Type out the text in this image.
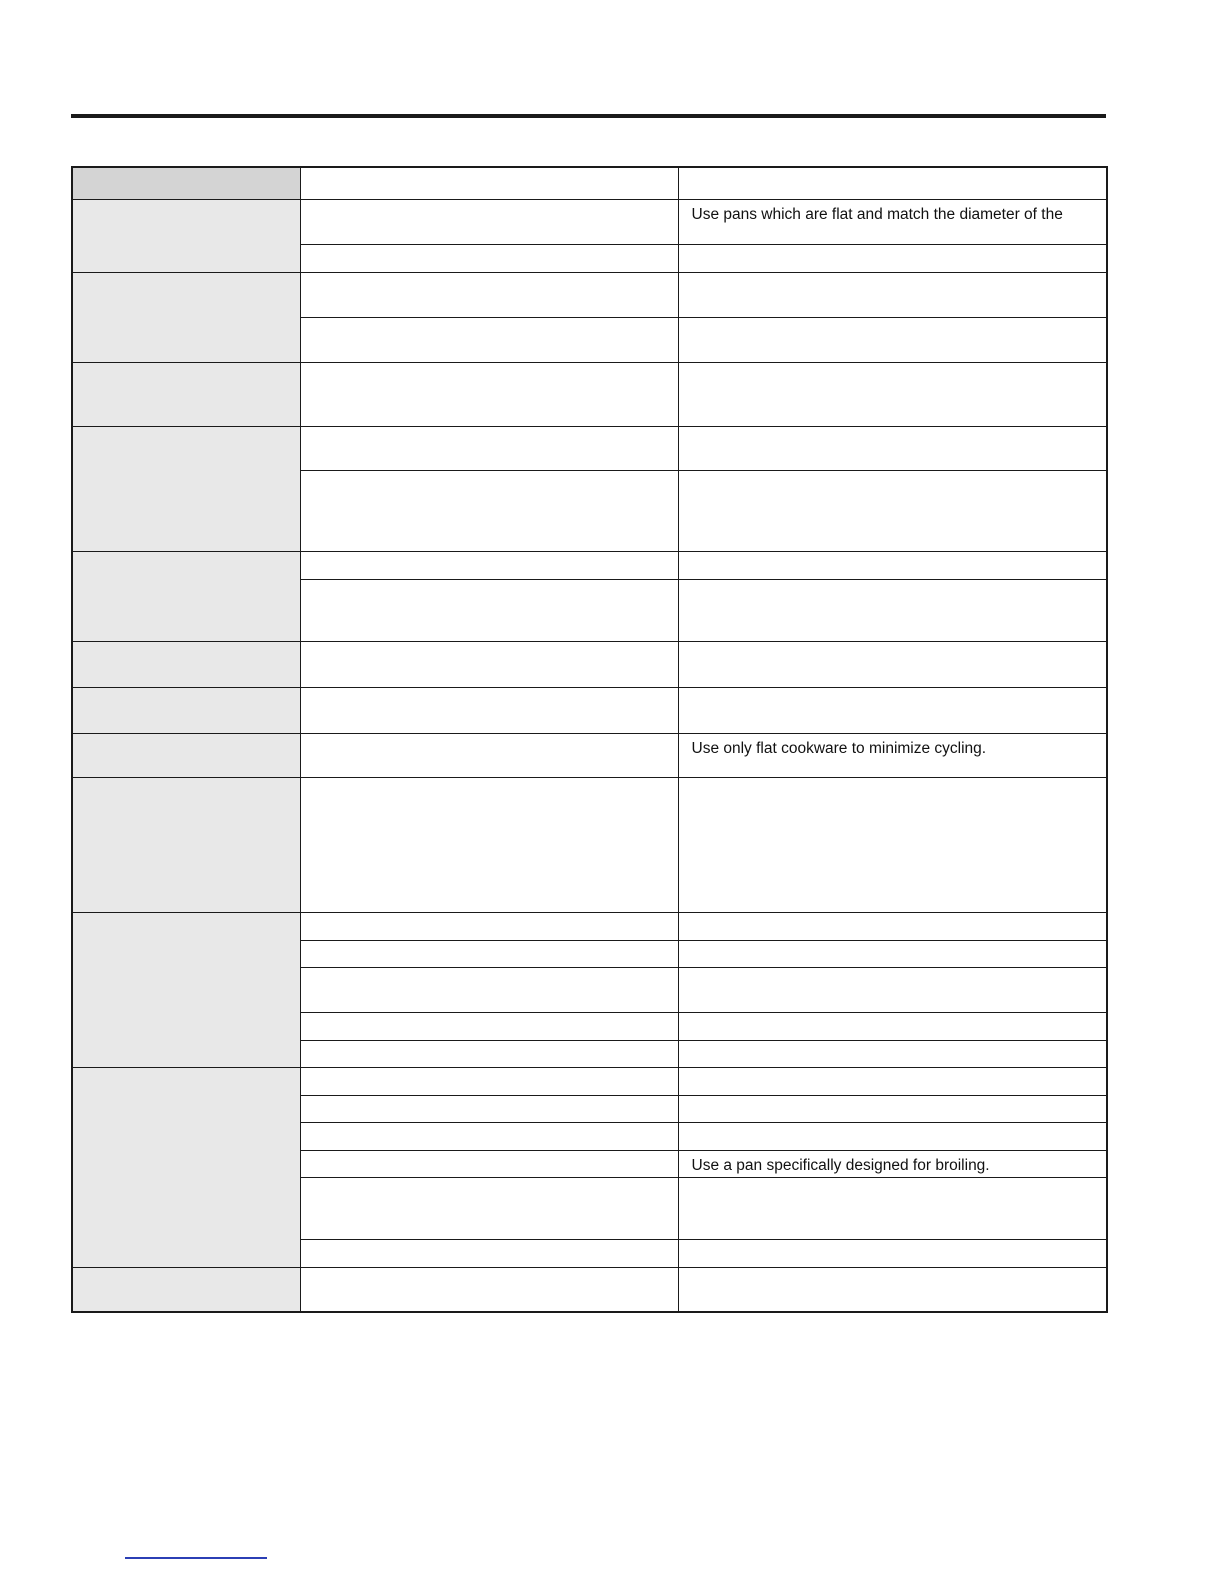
		Use pans which are flat and match the diameter of the

		Use only flat cookware to minimize cycling.

		Use a pan specifically designed for broiling.
